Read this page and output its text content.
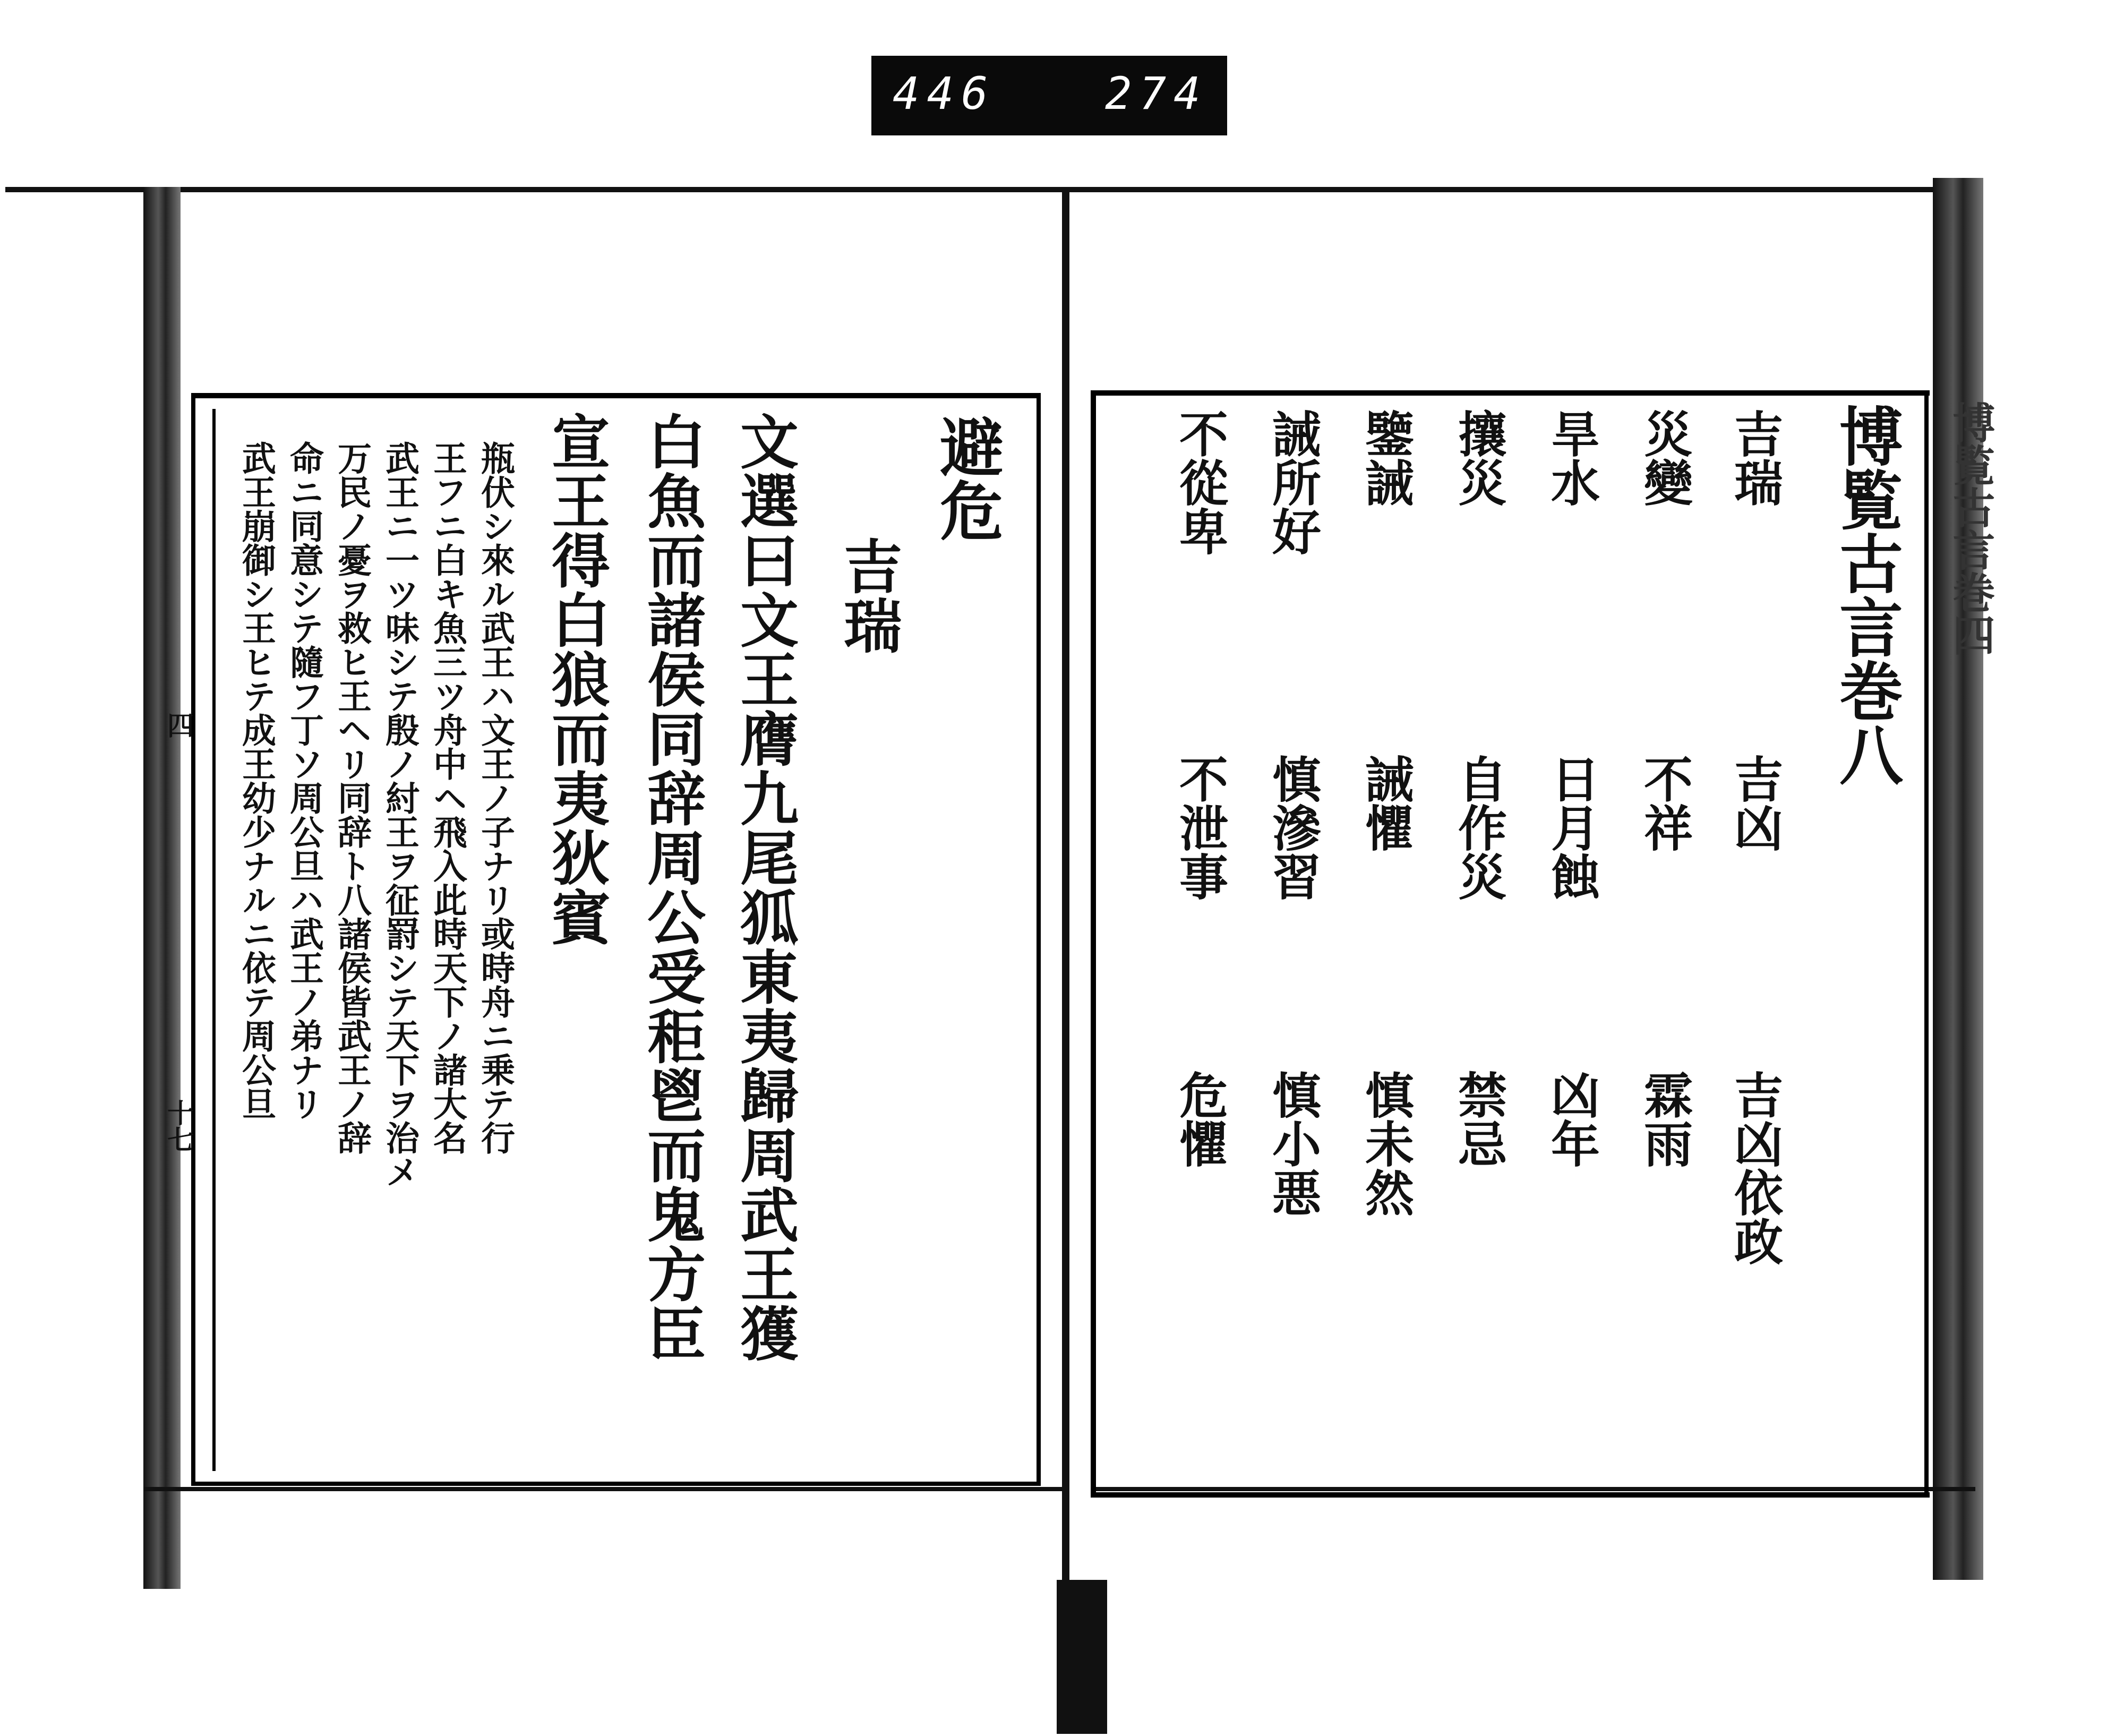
446 274
避危
吉瑞
文選曰文王膺九尾狐東夷歸周武王獲
白魚而諸侯同辞周公受秬鬯而鬼方臣
宣王得白狼而夷狄賓
瓶伏シ來ル武王ハ文王ノ子ナリ或時舟ニ乗テ行
王フニ白キ魚三ツ舟中ヘ飛入此時天下ノ諸大名
武王ニ一ツ味シテ殷ノ紂王ヲ征罸シテ天下ヲ治メ
万民ノ憂ヲ救ヒ王ヘリ同辞ト八諸侯皆武王ノ辞
命ニ同意シテ隨フ丁ソ周公旦ハ武王ノ弟ナリ
武王崩御シ王ヒテ成王幼少ナルニ依テ周公旦
四
十七
博覧古言巻四
博覧古言巻八
吉瑞
吉凶
吉凶依政
災變
不祥
霖雨
旱水
日月蝕
凶年
攘災
自作災
禁忌
鑒誡
誡懼
慎未然
誡所好
慎滲習
慎小悪
不從卑
不泄事
危懼
